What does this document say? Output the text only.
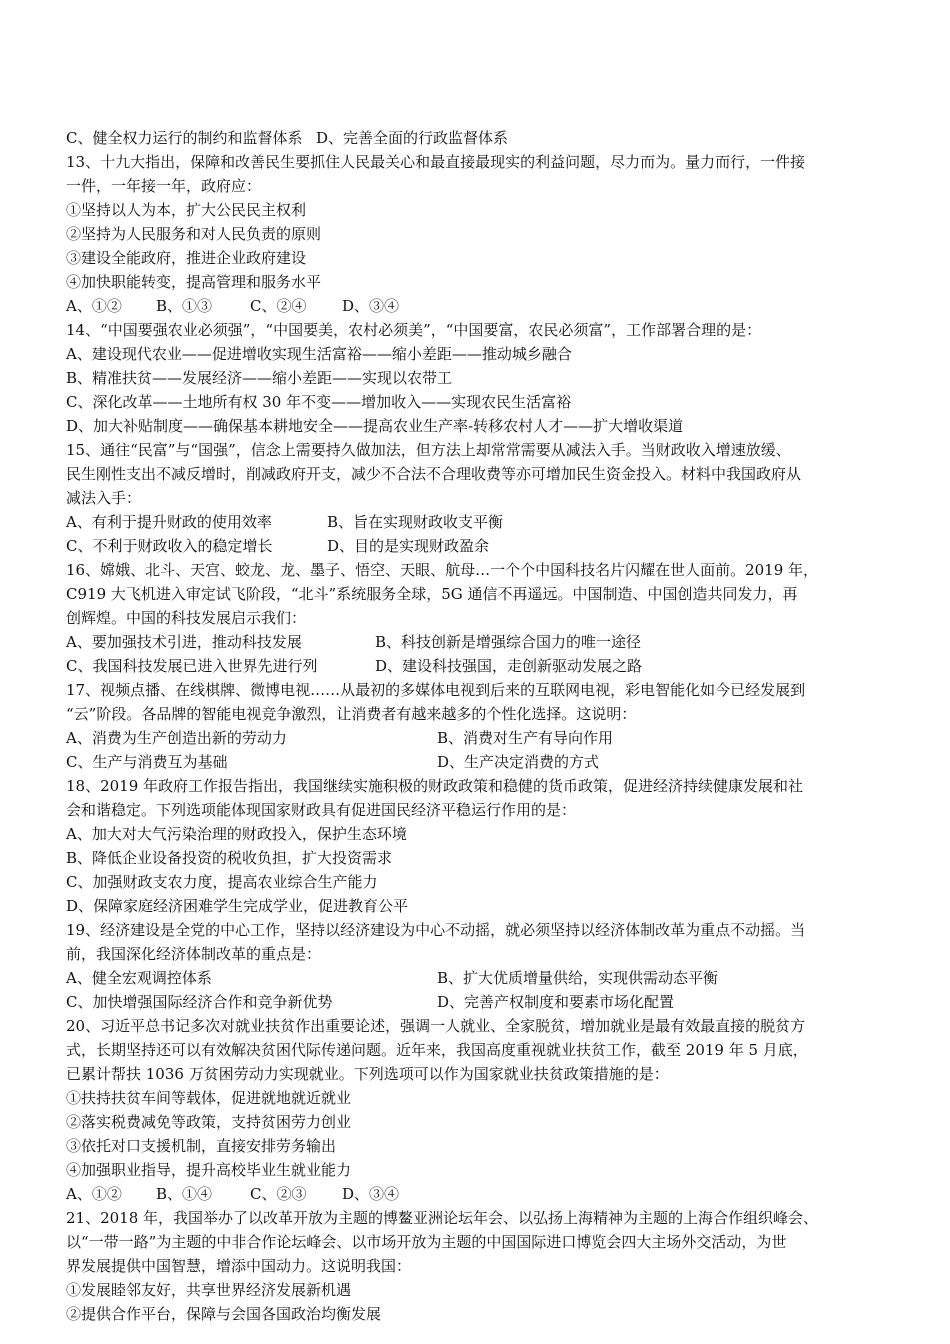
C、健全权力运行的制约和监督体系 D、完善全面的行政监督体系
13、十九大指出，保障和改善民生要抓住人民最关心和最直接最现实的利益问题，尽力而为。量力而行，一件接
一件，一年接一年，政府应：
①坚持以人为本，扩大公民民主权利
②坚持为人民服务和对人民负责的原则
③建设全能政府，推进企业政府建设
④加快职能转变，提高管理和服务水平
A、①② B、①③	C、②④ D、③④
14、“中国要强农业必须强”，“中国要美，农村必须美”，“中国要富，农民必须富”，工作部署合理的是：
A、建设现代农业——促进增收实现生活富裕——缩小差距——推动城乡融合
B、精准扶贫——发展经济——缩小差距——实现以农带工
C、深化改革——土地所有权 30 年不变——增加收入——实现农民生活富裕
D、加大补贴制度——确保基本耕地安全——提高农业生产率-转移农村人才——扩大增收渠道
15、通往“民富”与“国强”，信念上需要持久做加法，但方法上却常常需要从减法入手。当财政收入增速放缓、
民生刚性支出不减反增时，削减政府开支，减少不合法不合理收费等亦可增加民生资金投入。材料中我国政府从
减法入手：
A、有利于提升财政的使用效率	B、旨在实现财政收支平衡
C、不利于财政收入的稳定增长	D、目的是实现财政盈余
16、嫦娥、北斗、天宫、蛟龙、龙、墨子、悟空、天眼、航母…一个个中国科技名片闪耀在世人面前。2019 年，
C919 大飞机进入审定试飞阶段，“北斗”系统服务全球，5G 通信不再遥远。中国制造、中国创造共同发力，再
创辉煌。中国的科技发展启示我们：
A、要加强技术引进，推动科技发展	B、科技创新是增强综合国力的唯一途径
C、我国科技发展已进入世界先进行列	D、建设科技强国，走创新驱动发展之路
17、视频点播、在线棋牌、微博电视……从最初的多媒体电视到后来的互联网电视，彩电智能化如今已经发展到
“云”阶段。各品牌的智能电视竞争激烈，让消费者有越来越多的个性化选择。这说明：
A、消费为生产创造出新的劳动力	B、消费对生产有导向作用
C、生产与消费互为基础	D、生产决定消费的方式
18、2019 年政府工作报告指出，我国继续实施积极的财政政策和稳健的货币政策，促进经济持续健康发展和社
会和谐稳定。下列选项能体现国家财政具有促进国民经济平稳运行作用的是：
A、加大对大气污染治理的财政投入，保护生态环境
B、降低企业设备投资的税收负担，扩大投资需求
C、加强财政支农力度，提高农业综合生产能力
D、保障家庭经济困难学生完成学业，促进教育公平
19、经济建设是全党的中心工作，坚持以经济建设为中心不动摇，就必须坚持以经济体制改革为重点不动摇。当
前，我国深化经济体制改革的重点是：
A、健全宏观调控体系	B、扩大优质增量供给，实现供需动态平衡
C、加快增强国际经济合作和竞争新优势	D、完善产权制度和要素市场化配置
20、习近平总书记多次对就业扶贫作出重要论述，强调一人就业、全家脱贫，增加就业是最有效最直接的脱贫方
式，长期坚持还可以有效解决贫困代际传递问题。近年来，我国高度重视就业扶贫工作，截至 2019 年 5 月底，
已累计帮扶 1036 万贫困劳动力实现就业。下列选项可以作为国家就业扶贫政策措施的是：
①扶持扶贫车间等载体，促进就地就近就业
②落实税费减免等政策，支持贫困劳力创业
③依托对口支援机制，直接安排劳务输出
④加强职业指导，提升高校毕业生就业能力
A、①② B、①④	C、②③ D、③④
21、2018 年，我国举办了以改革开放为主题的博鳌亚洲论坛年会、以弘扬上海精神为主题的上海合作组织峰会、
以“一带一路”为主题的中非合作论坛峰会、以市场开放为主题的中国国际进口博览会四大主场外交活动，为世
界发展提供中国智慧，增添中国动力。这说明我国：
①发展睦邻友好，共享世界经济发展新机遇
②提供合作平台，保障与会国各国政治均衡发展
